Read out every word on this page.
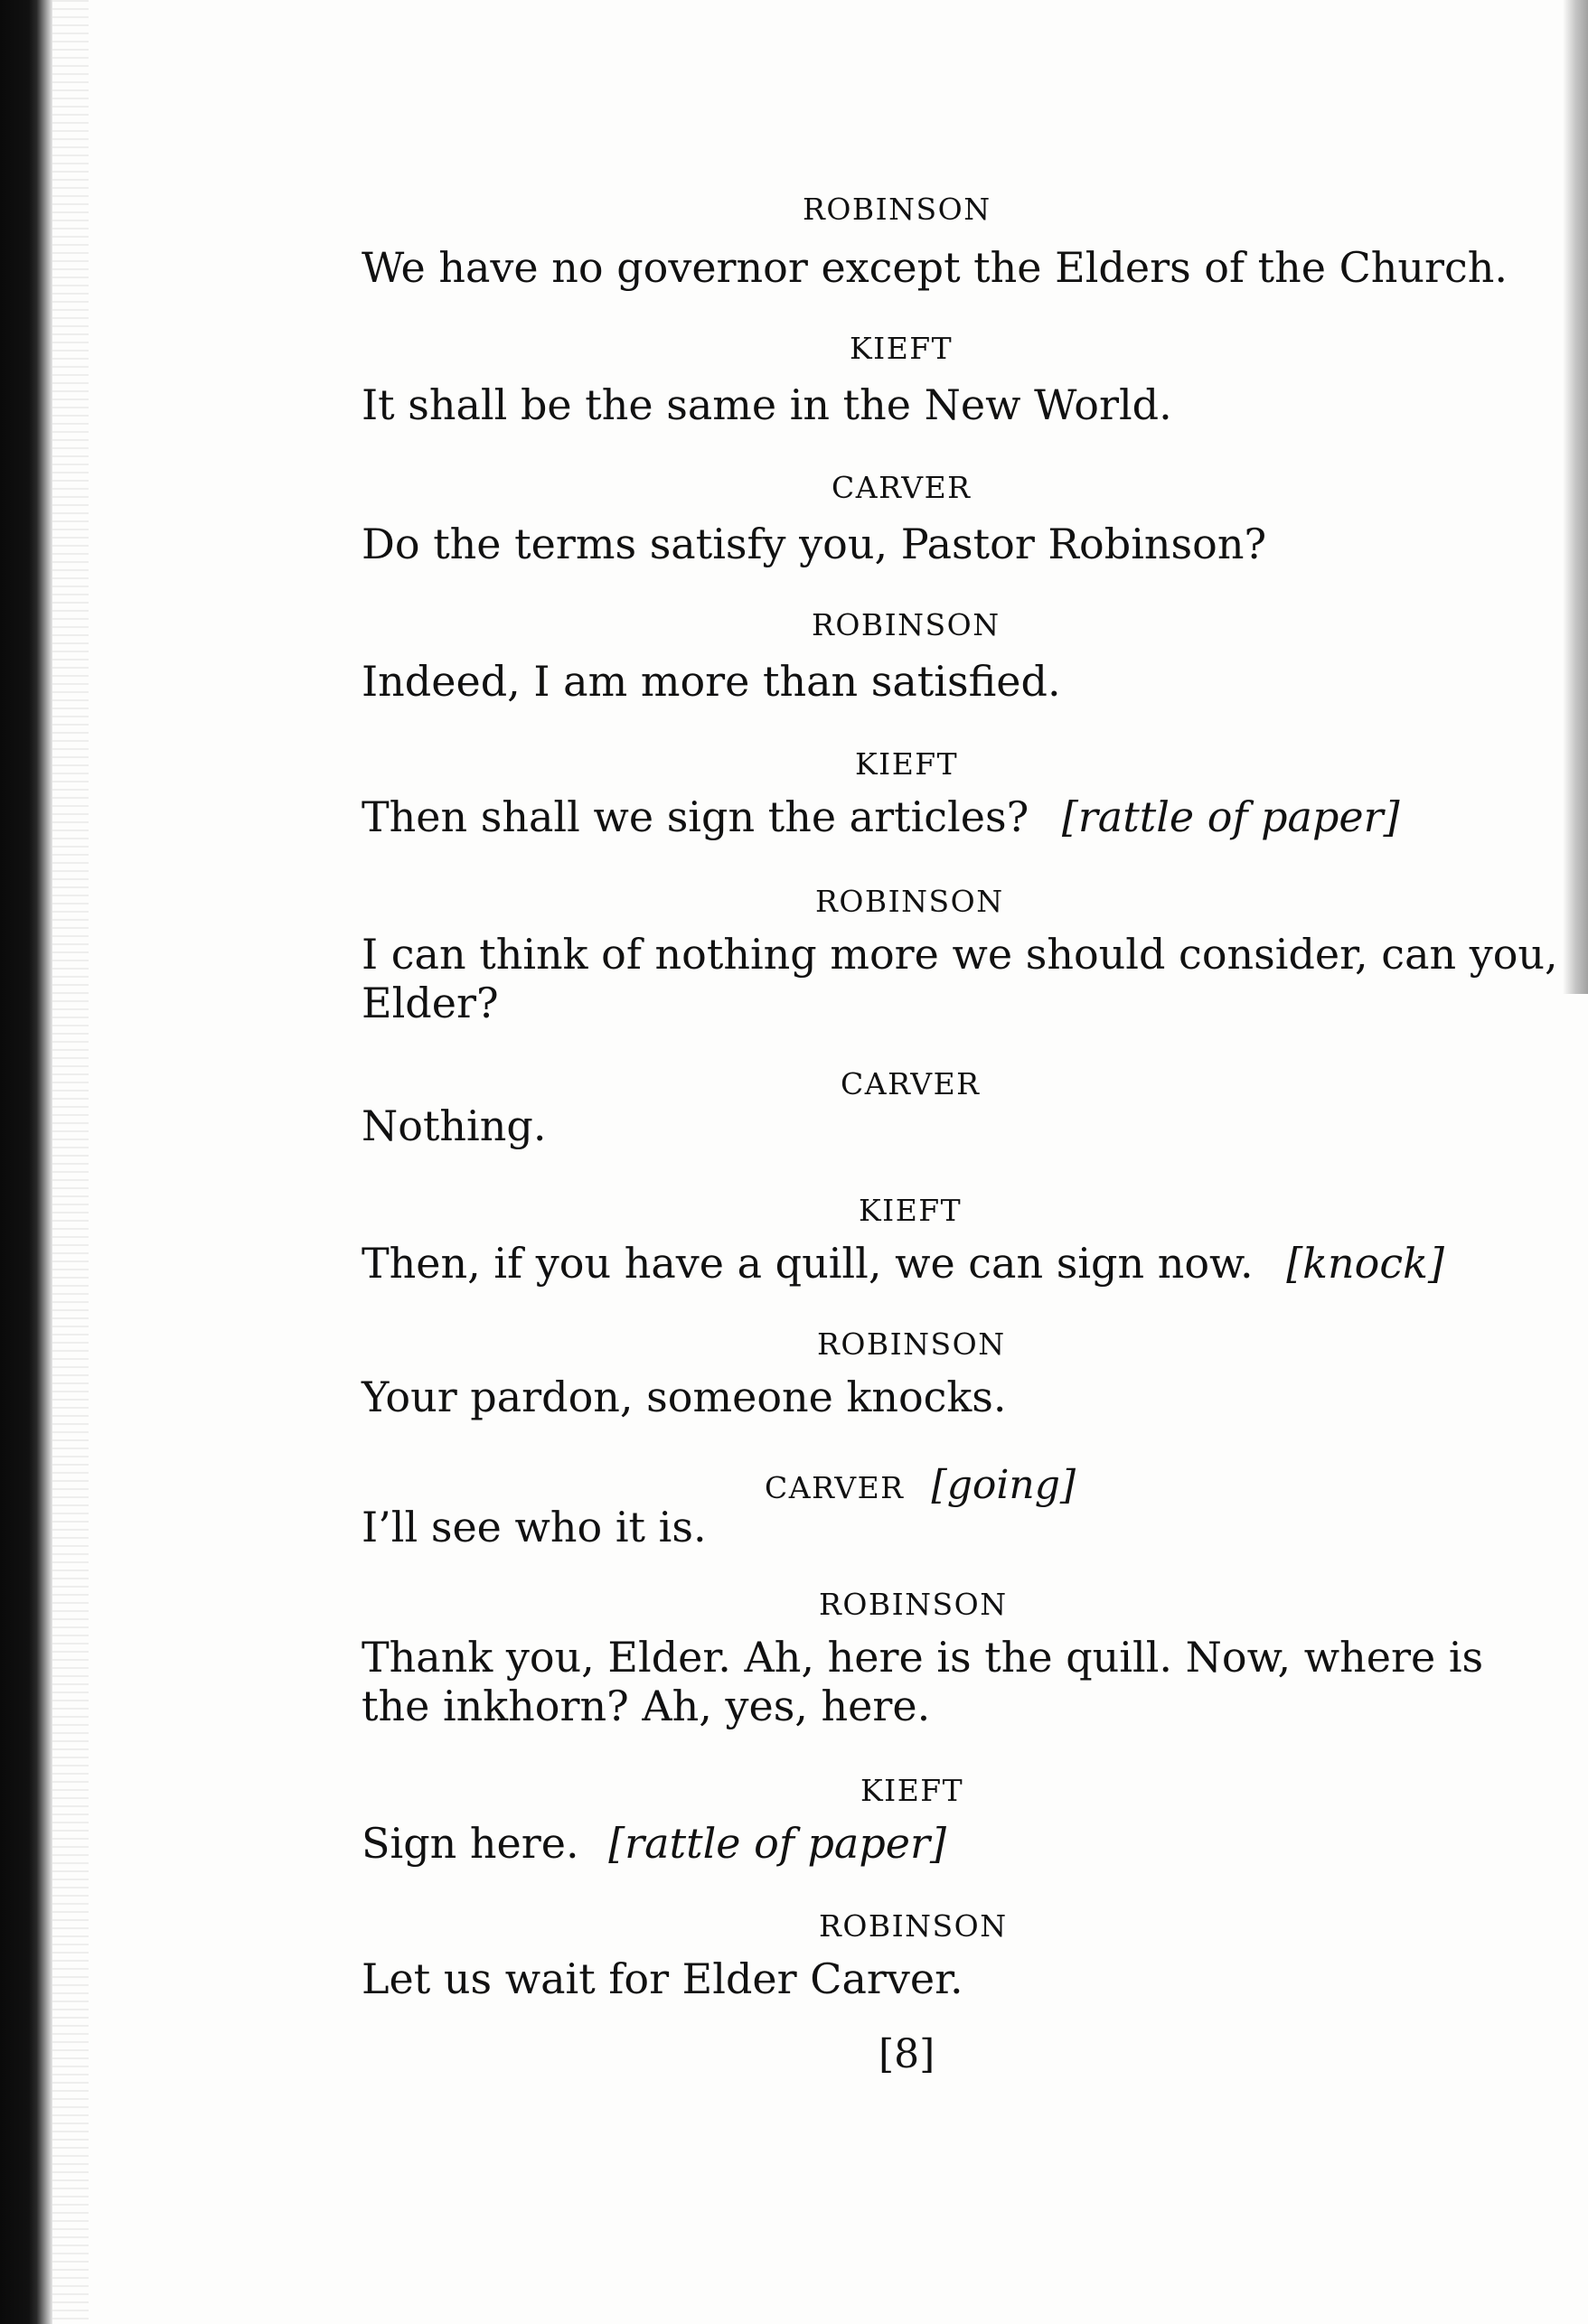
ROBINSON
We have no governor except the Elders of the Church.
KIEFT
It shall be the same in the New World.
CARVER
Do the terms satisfy you, Pastor Robinson?
ROBINSON
Indeed, I am more than satisfied.
KIEFT
Then shall we sign the articles? [rattle of paper]
ROBINSON
I can think of nothing more we should consider, can you,
Elder?
CARVER
Nothing.
KIEFT
Then, if you have a quill, we can sign now. [knock]
ROBINSON
Your pardon, someone knocks.
CARVER [going]
I’ll see who it is.
ROBINSON
Thank you, Elder. Ah, here is the quill. Now, where is
the inkhorn? Ah, yes, here.
KIEFT
Sign here. [rattle of paper]
ROBINSON
Let us wait for Elder Carver.
[8]
